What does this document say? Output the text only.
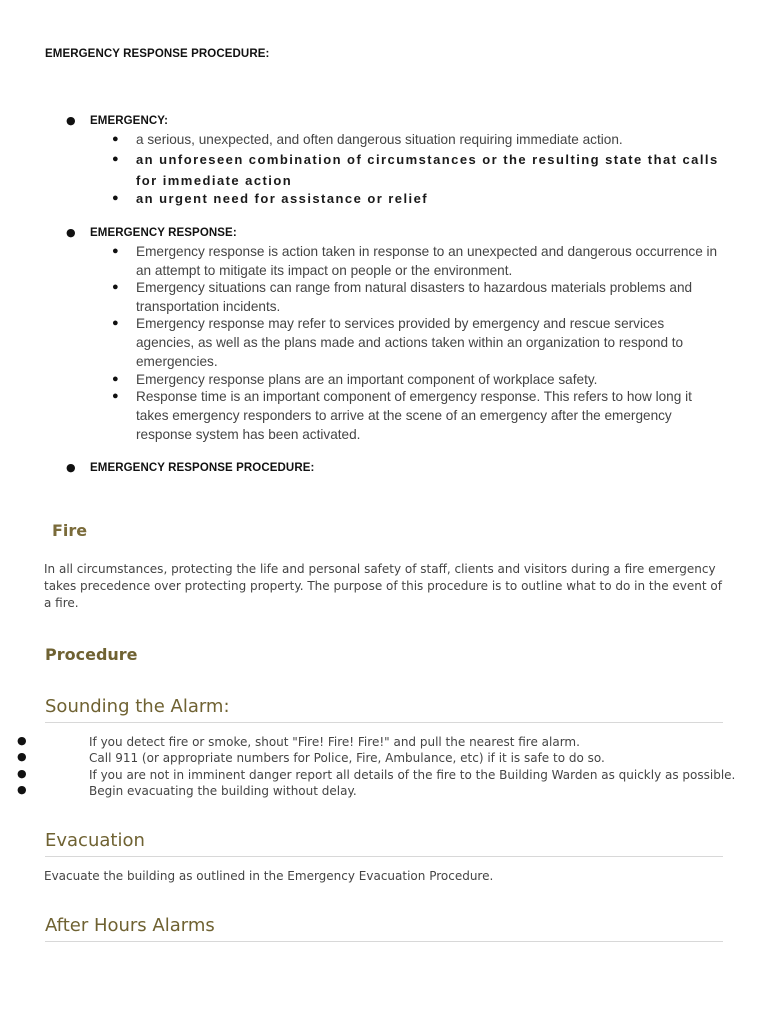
EMERGENCY RESPONSE PROCEDURE:
● EMERGENCY:
● a serious, unexpected, and often dangerous situation requiring immediate action.
● an unforeseen combination of circumstances or the resulting state that calls for immediate action
● an urgent need for assistance or relief
● EMERGENCY RESPONSE:
● Emergency response is action taken in response to an unexpected and dangerous occurrence in an attempt to mitigate its impact on people or the environment.
● Emergency situations can range from natural disasters to hazardous materials problems and transportation incidents.
● Emergency response may refer to services provided by emergency and rescue services agencies, as well as the plans made and actions taken within an organization to respond to emergencies.
● Emergency response plans are an important component of workplace safety.
● Response time is an important component of emergency response. This refers to how long it takes emergency responders to arrive at the scene of an emergency after the emergency response system has been activated.
● EMERGENCY RESPONSE PROCEDURE:
Fire
In all circumstances, protecting the life and personal safety of staff, clients and visitors during a fire emergency takes precedence over protecting property. The purpose of this procedure is to outline what to do in the event of a fire.
Procedure
Sounding the Alarm:
●	If you detect fire or smoke, shout "Fire! Fire! Fire!" and pull the nearest fire alarm.
●	Call 911 (or appropriate numbers for Police, Fire, Ambulance, etc) if it is safe to do so.
●	If you are not in imminent danger report all details of the fire to the Building Warden as quickly as possible.
●	Begin evacuating the building without delay.
Evacuation
Evacuate the building as outlined in the Emergency Evacuation Procedure.
After Hours Alarms
